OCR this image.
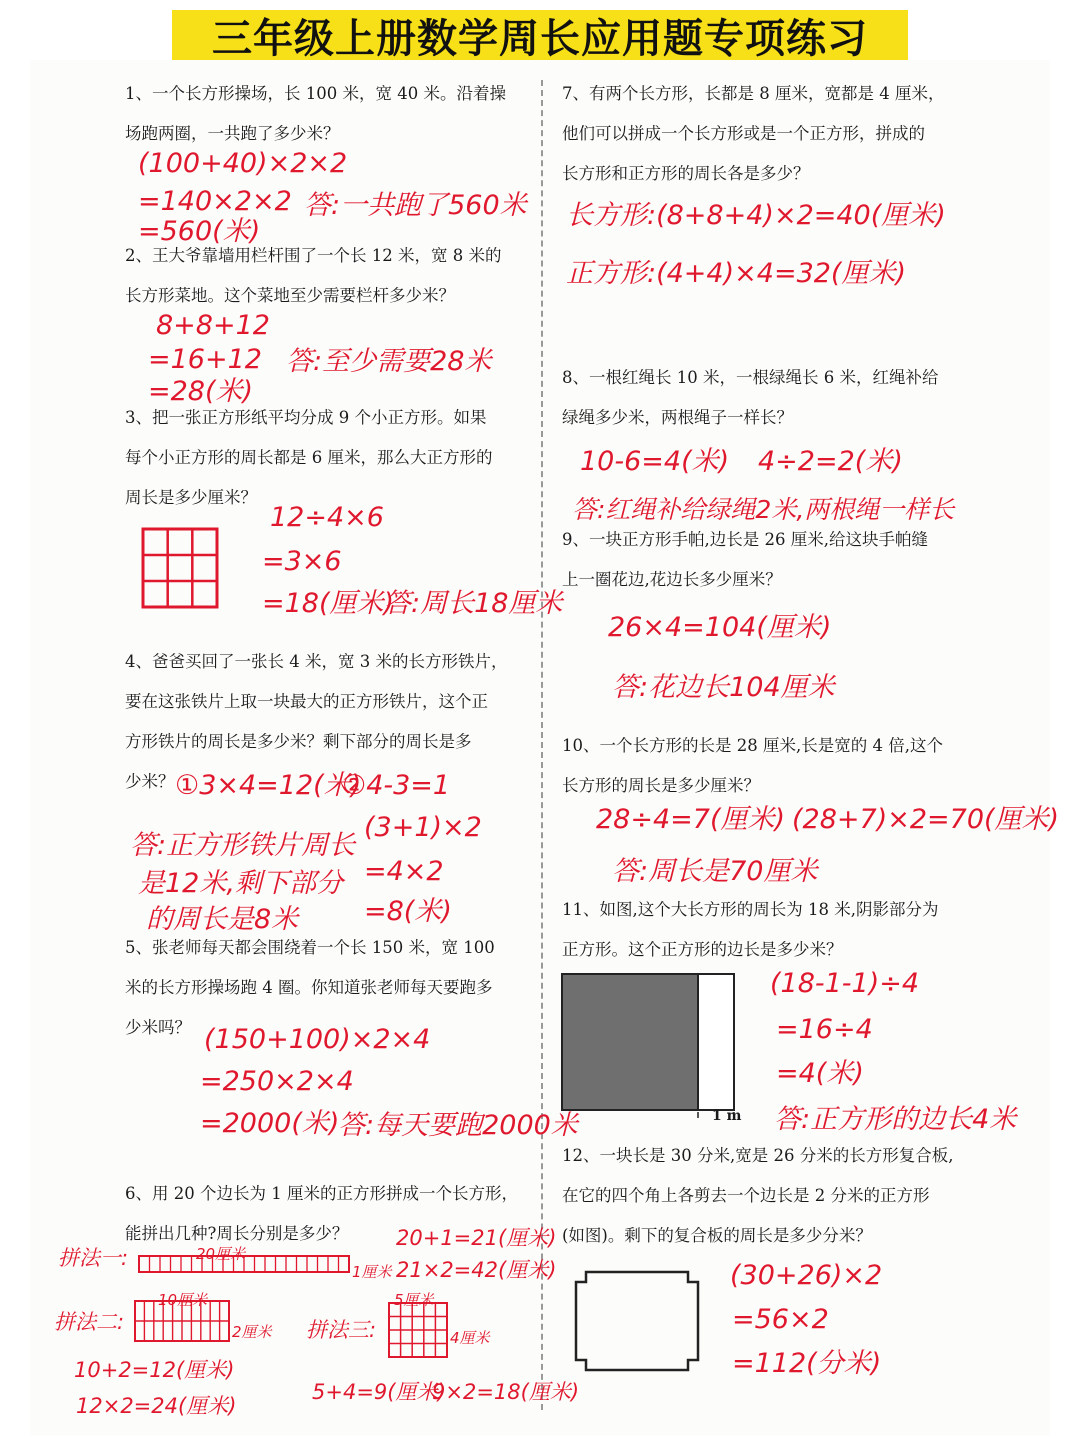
三年级上册数学周长应用题专项练习
1、一个长方形操场，长 100 米，宽 40 米。沿着操
场跑两圈，一共跑了多少米？
2、王大爷靠墙用栏杆围了一个长 12 米，宽 8 米的
长方形菜地。这个菜地至少需要栏杆多少米？
3、把一张正方形纸平均分成 9 个小正方形。如果
每个小正方形的周长都是 6 厘米，那么大正方形的
周长是多少厘米？
4、爸爸买回了一张长 4 米，宽 3 米的长方形铁片，
要在这张铁片上取一块最大的正方形铁片，这个正
方形铁片的周长是多少米？剩下部分的周长是多
少米？
5、张老师每天都会围绕着一个长 150 米，宽 100
米的长方形操场跑 4 圈。你知道张老师每天要跑多
少米吗？
6、用 20 个边长为 1 厘米的正方形拼成一个长方形，
能拼出几种?周长分别是多少？
7、有两个长方形，长都是 8 厘米，宽都是 4 厘米，
他们可以拼成一个长方形或是一个正方形，拼成的
长方形和正方形的周长各是多少？
8、一根红绳长 10 米，一根绿绳长 6 米，红绳补给
绿绳多少米，两根绳子一样长？
9、一块正方形手帕,边长是 26 厘米,给这块手帕缝
上一圈花边,花边长多少厘米？
10、一个长方形的长是 28 厘米,长是宽的 4 倍,这个
长方形的周长是多少厘米？
11、如图,这个大长方形的周长为 18 米,阴影部分为
正方形。这个正方形的边长是多少米？
12、一块长是 30 分米,宽是 26 分米的长方形复合板,
在它的四个角上各剪去一个边长是 2 分米的正方形
(如图)。剩下的复合板的周长是多少分米？
1 m
(100+40)×2×2
=140×2×2
=560(米)
答:一共跑了560米
8+8+12
=16+12
=28(米)
答:至少需要28米
12÷4×6
=3×6
=18(厘米)
答:周长18厘米
①3×4=12(米)
②4-3=1
(3+1)×2
=4×2
=8(米)
答:正方形铁片周长
是12米,剩下部分
的周长是8米
(150+100)×2×4
=250×2×4
=2000(米)
答:每天要跑2000米
拼法一:	20厘米
1厘米
20+1=21(厘米)
21×2=42(厘米)
拼法二:
10厘米
2厘米
10+2=12(厘米)
12×2=24(厘米)
拼法三:
5厘米
4厘米
5+4=9(厘米)
9×2=18(厘米)
长方形:(8+8+4)×2=40(厘米)
正方形:(4+4)×4=32(厘米)
10-6=4(米) 4÷2=2(米)
答:红绳补给绿绳2米,两根绳一样长
26×4=104(厘米)
答:花边长104厘米
28÷4=7(厘米) (28+7)×2=70(厘米)
答:周长是70厘米
(18-1-1)÷4
=16÷4
=4(米)
答:正方形的边长4米
(30+26)×2
=56×2
=112(分米)
